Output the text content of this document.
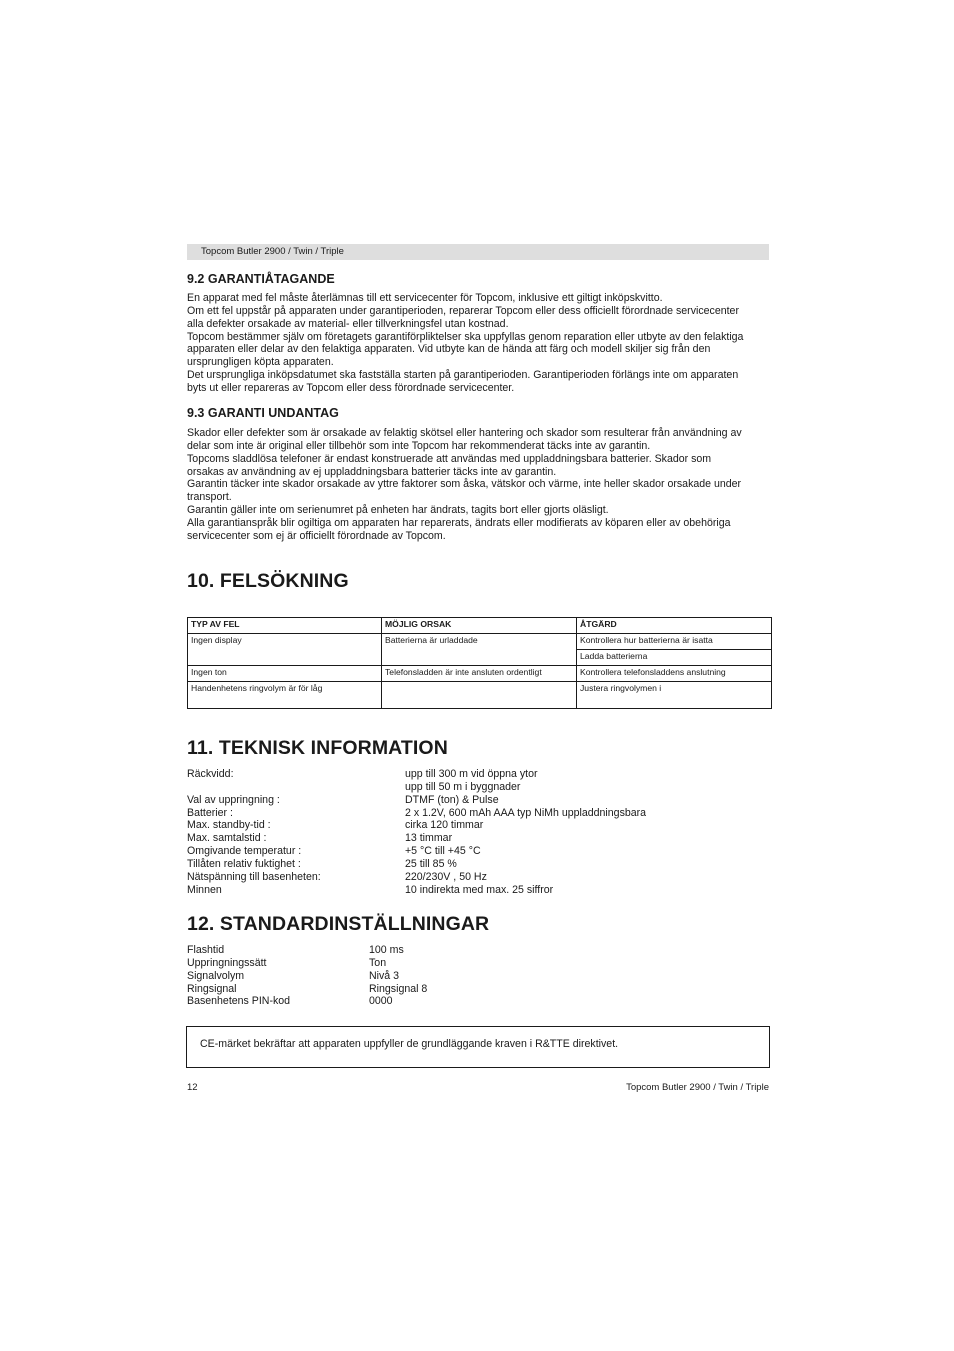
Topcom Butler 2900 / Twin / Triple
9.2 GARANTIÅTAGANDE

En apparat med fel måste återlämnas till ett servicecenter för Topcom, inklusive ett giltigt inköpskvitto.

Om ett fel uppstår på apparaten under garantiperioden, reparerar Topcom eller dess officiellt förordnade servicecenter

alla defekter orsakade av material- eller tillverkningsfel utan kostnad.

Topcom bestämmer själv om företagets garantiförpliktelser ska uppfyllas genom reparation eller utbyte av den felaktiga

apparaten eller delar av den felaktiga apparaten. Vid utbyte kan de hända att färg och modell skiljer sig från den

ursprungligen köpta apparaten.

Det ursprungliga inköpsdatumet ska fastställa starten på garantiperioden. Garantiperioden förlängs inte om apparaten

byts ut eller repareras av Topcom eller dess förordnade servicecenter.

9.3 GARANTI UNDANTAG

Skador eller defekter som är orsakade av felaktig skötsel eller hantering och skador som resulterar från användning av

delar som inte är original eller tillbehör som inte Topcom har rekommenderat täcks inte av garantin.

Topcoms sladdlösa telefoner är endast konstruerade att användas med uppladdningsbara batterier. Skador som

orsakas av användning av ej uppladdningsbara batterier täcks inte av garantin.

Garantin täcker inte skador orsakade av yttre faktorer som åska, vätskor och värme, inte heller skador orsakade under

transport.

Garantin gäller inte om serienumret på enheten har ändrats, tagits bort eller gjorts oläsligt.

Alla garantianspråk blir ogiltiga om apparaten har reparerats, ändrats eller modifierats av köparen eller av obehöriga

servicecenter som ej är officiellt förordnade av Topcom.

10. FELSÖKNING
TYP AV FEL	MÖJLIG ORSAK	ÅTGÄRD
Ingen display	Batterierna är urladdade	Kontrollera hur batterierna är isatta
		Ladda batterierna
Ingen ton	Telefonsladden är inte ansluten ordentligt	Kontrollera telefonsladdens anslutning
Handenhetens ringvolym är för låg		Justera ringvolymen i
11. TEKNISK INFORMATION
Räckvidd:	upp till 300 m vid öppna ytor
upp till 50 m i byggnader
Val av uppringning :	DTMF (ton) & Pulse
Batterier :	2 x 1.2V, 600 mAh AAA typ NiMh uppladdningsbara
Max. standby-tid :	cirka 120 timmar
Max. samtalstid :	13 timmar
Omgivande temperatur :	+5 °C till +45 °C
Tillåten relativ fuktighet :	25 till 85 %
Nätspänning till basenheten:	220/230V , 50 Hz
Minnen	10 indirekta med max. 25 siffror
12. STANDARDINSTÄLLNINGAR
Flashtid	100 ms
Uppringningssätt	Ton
Signalvolym	Nivå 3
Ringsignal	Ringsignal 8
Basenhetens PIN-kod	0000
CE-märket bekräftar att apparaten uppfyller de grundläggande kraven i R&TTE direktivet.
12	Topcom Butler 2900 / Twin / Triple
